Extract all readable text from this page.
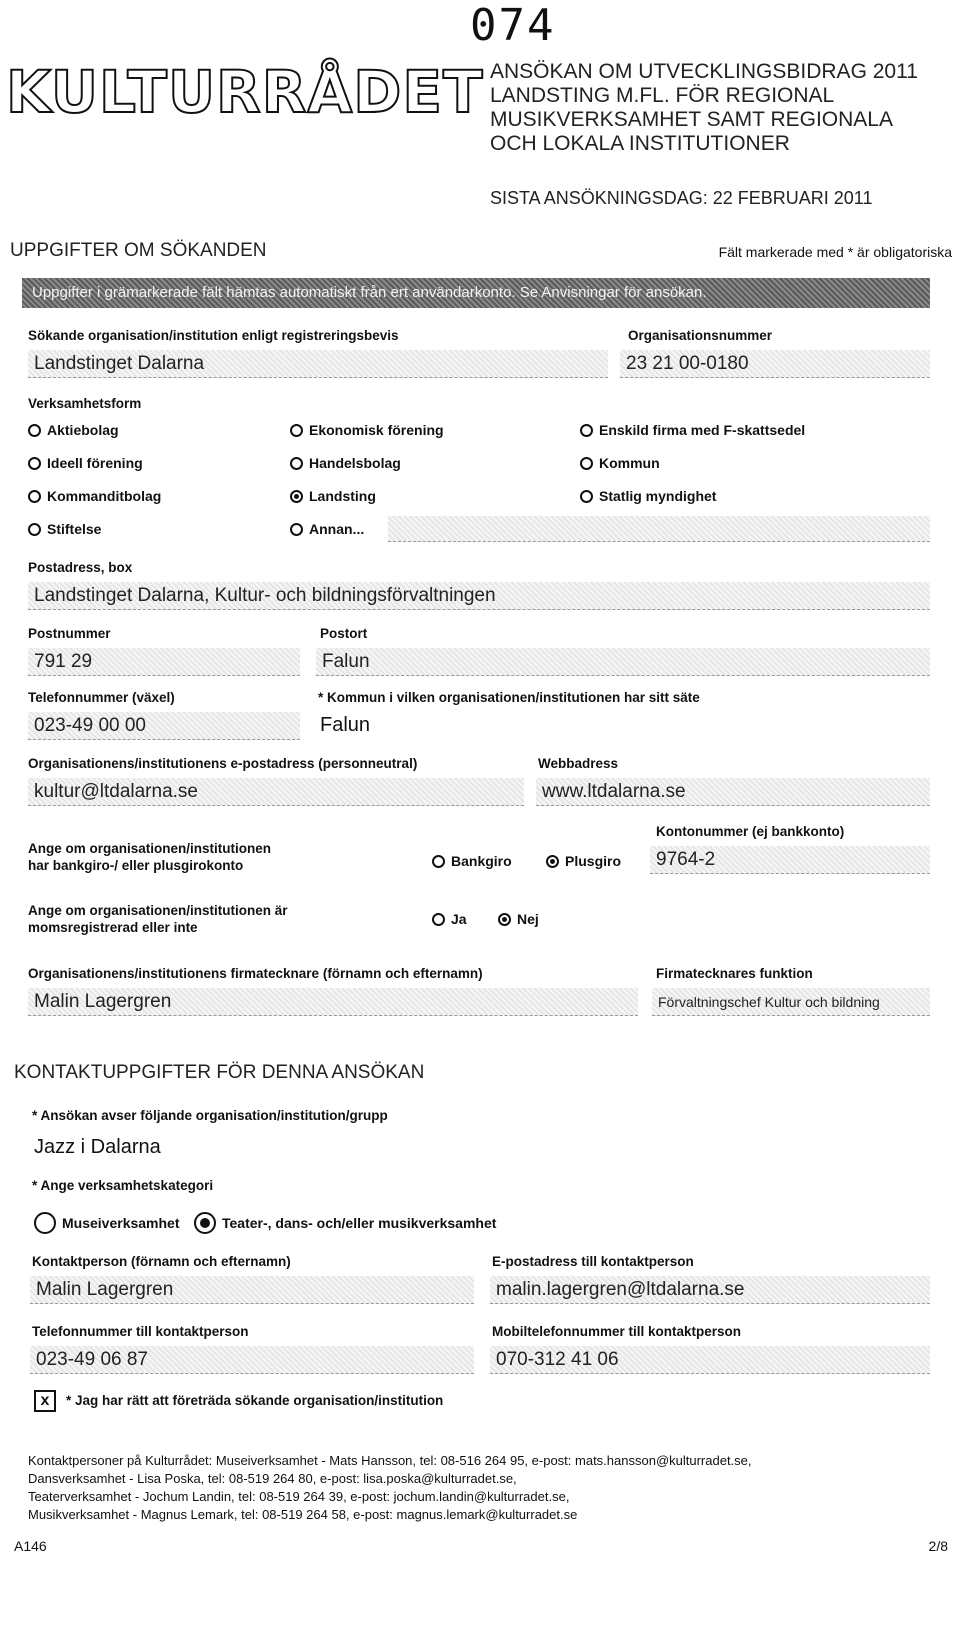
074
KULTURRÅDET ANSÖKAN OM UTVECKLINGSBIDRAG 2011
LANDSTING M.FL. FÖR REGIONAL
MUSIKVERKSAMHET SAMT REGIONALA
OCH LOKALA INSTITUTIONER
SISTA ANSÖKNINGSDAG: 22 FEBRUARI 2011
UPPGIFTER OM SÖKANDEN	Fält markerade med * är obligatoriska
Uppgifter i grämarkerade fält hämtas automatiskt från ert användarkonto. Se Anvisningar för ansökan.
Sökande organisation/institution enligt registreringsbevis
Landstinget Dalarna
Organisationsnummer
23 21 00-0180
Verksamhetsform
Aktiebolag	Ekonomisk förening	Enskild firma med F-skattsedel
Ideell förening	Handelsbolag	Kommun
Kommanditbolag	Landsting	Statlig myndighet
Stiftelse	Annan...
Postadress, box
Landstinget Dalarna, Kultur- och bildningsförvaltningen
Postnummer
791 29
Postort
Falun
Telefonnummer (växel)
023-49 00 00
* Kommun i vilken organisationen/institutionen har sitt säte
Falun
Organisationens/institutionens e-postadress (personneutral)
kultur@ltdalarna.se
Webbadress
www.ltdalarna.se
Ange om organisationen/institutionen
har bankgiro-/ eller plusgirokonto	Bankgiro	Plusgiro
Kontonummer (ej bankkonto)
9764-2
Ange om organisationen/institutionen är
momsregistrerad eller inte
Ja	Nej
Organisationens/institutionens firmatecknare (förnamn och efternamn)
Malin Lagergren
Firmatecknares funktion
Förvaltningschef Kultur och bildning
KONTAKTUPPGIFTER FÖR DENNA ANSÖKAN
* Ansökan avser följande organisation/institution/grupp
Jazz i Dalarna
* Ange verksamhetskategori
Museiverksamhet	Teater-, dans- och/eller musikverksamhet
Kontaktperson (förnamn och efternamn)
Malin Lagergren
E-postadress till kontaktperson
malin.lagergren@ltdalarna.se
Telefonnummer till kontaktperson
023-49 06 87
Mobiltelefonnummer till kontaktperson
070-312 41 06
x	* Jag har rätt att företräda sökande organisation/institution
Kontaktpersoner på Kulturrådet: Museiverksamhet - Mats Hansson, tel: 08-516 264 95, e-post: mats.hansson@kulturradet.se,
Dansverksamhet - Lisa Poska, tel: 08-519 264 80, e-post: lisa.poska@kulturradet.se,
Teaterverksamhet - Jochum Landin, tel: 08-519 264 39, e-post: jochum.landin@kulturradet.se,
Musikverksamhet - Magnus Lemark, tel: 08-519 264 58, e-post: magnus.lemark@kulturradet.se
A146	2/8
